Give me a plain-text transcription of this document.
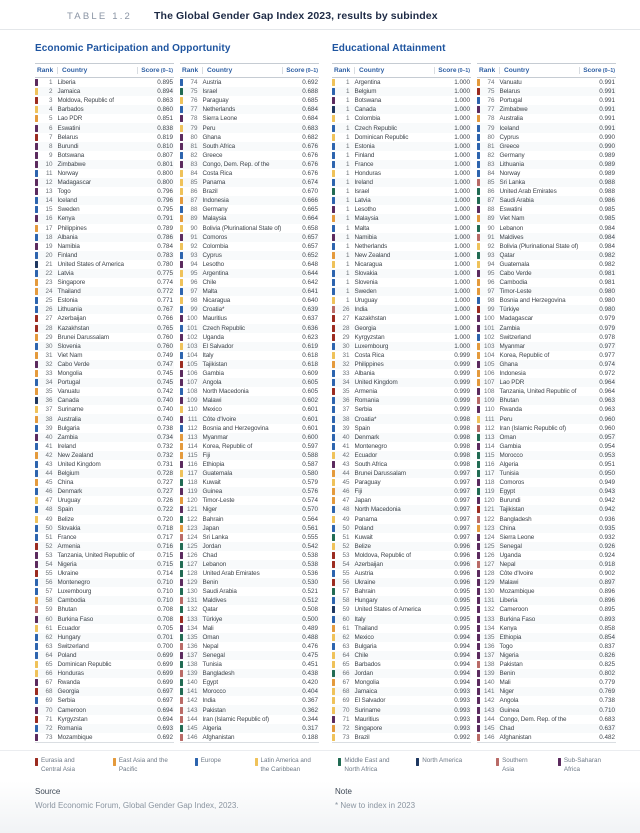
TABLE 1.2 The Global Gender Gap Index 2023, results by subindex
Economic Participation and Opportunity
Rank	Country	Score (0–1)
1 Liberia	0.895
2 Jamaica	0.894
3 Moldova, Republic of	0.863
4 Barbados	0.860
5 Lao PDR	0.851
6 Eswatini	0.838
7 Belarus	0.819
8 Burundi	0.810
9 Botswana	0.807
10 Zimbabwe	0.801
11 Norway	0.800
12 Madagascar	0.800
13 Togo	0.796
14 Iceland	0.796
15 Sweden	0.795
16 Kenya	0.791
17 Philippines	0.789
18 Albania	0.786
19 Namibia	0.784
20 Finland	0.783
21 United States of America	0.780
22 Latvia	0.775
23 Singapore	0.774
24 Thailand	0.772
25 Estonia	0.771
26 Lithuania	0.767
27 Azerbaijan	0.766
28 Kazakhstan	0.765
29 Brunei Darussalam	0.760
30 Slovenia	0.760
31 Viet Nam	0.749
32 Cabo Verde	0.747
33 Mongolia	0.745
34 Portugal	0.745
35 Vanuatu	0.742
36 Canada	0.740
37 Suriname	0.740
38 Australia	0.740
39 Bulgaria	0.738
40 Zambia	0.734
41 Ireland	0.732
42 New Zealand	0.732
43 United Kingdom	0.731
44 Belgium	0.728
45 China	0.727
46 Denmark	0.727
47 Uruguay	0.726
48 Spain	0.722
49 Belize	0.720
50 Slovakia	0.718
51 France	0.717
52 Armenia	0.716
53 Tanzania, United Republic of	0.715
54 Nigeria	0.715
55 Ukraine	0.714
56 Montenegro	0.710
57 Luxembourg	0.710
58 Cambodia	0.710
59 Bhutan	0.708
60 Burkina Faso	0.708
61 Ecuador	0.705
62 Hungary	0.701
63 Switzerland	0.700
64 Poland	0.699
65 Dominican Republic	0.699
66 Honduras	0.699
67 Rwanda	0.699
68 Georgia	0.697
69 Serbia	0.697
70 Cameroon	0.694
71 Kyrgyzstan	0.694
72 Romania	0.693
73 Mozambique	0.692
Rank	Country	Score (0–1)
74 Austria	0.692
75 Israel	0.688
76 Paraguay	0.685
77 Netherlands	0.684
78 Sierra Leone	0.684
79 Peru	0.683
80 Ghana	0.682
81 South Africa	0.676
82 Greece	0.676
83 Congo, Dem. Rep. of the	0.676
84 Costa Rica	0.676
85 Panama	0.674
86 Brazil	0.670
87 Indonesia	0.666
88 Germany	0.665
89 Malaysia	0.664
90 Bolivia (Plurinational State of)	0.658
91 Comoros	0.657
92 Colombia	0.657
93 Cyprus	0.652
94 Lesotho	0.648
95 Argentina	0.644
96 Chile	0.642
97 Malta	0.641
98 Nicaragua	0.640
99 Croatia*	0.639
100 Mauritius	0.637
101 Czech Republic	0.636
102 Uganda	0.623
103 El Salvador	0.619
104 Italy	0.618
105 Tajikistan	0.618
106 Gambia	0.609
107 Angola	0.605
108 North Macedonia	0.605
109 Malawi	0.602
110 Mexico	0.601
111 Côte d'Ivoire	0.601
112 Bosnia and Herzegovina	0.601
113 Myanmar	0.600
114 Korea, Republic of	0.597
115 Fiji	0.588
116 Ethiopia	0.587
117 Guatemala	0.580
118 Kuwait	0.579
119 Guinea	0.576
120 Timor-Leste	0.574
121 Niger	0.570
122 Bahrain	0.564
123 Japan	0.561
124 Sri Lanka	0.555
125 Jordan	0.542
126 Chad	0.538
127 Lebanon	0.538
128 United Arab Emirates	0.536
129 Benin	0.530
130 Saudi Arabia	0.521
131 Maldives	0.512
132 Qatar	0.508
133 Türkiye	0.500
134 Mali	0.489
135 Oman	0.488
136 Nepal	0.476
137 Senegal	0.475
138 Tunisia	0.451
139 Bangladesh	0.438
140 Egypt	0.420
141 Morocco	0.404
142 India	0.367
143 Pakistan	0.362
144 Iran (Islamic Republic of)	0.344
145 Algeria	0.317
146 Afghanistan	0.188
Educational Attainment
Rank	Country	Score (0–1)
1 Argentina	1.000
1 Belgium	1.000
1 Botswana	1.000
1 Canada	1.000
1 Colombia	1.000
1 Czech Republic	1.000
1 Dominican Republic	1.000
1 Estonia	1.000
1 Finland	1.000
1 France	1.000
1 Honduras	1.000
1 Ireland	1.000
1 Israel	1.000
1 Latvia	1.000
1 Lesotho	1.000
1 Malaysia	1.000
1 Malta	1.000
1 Namibia	1.000
1 Netherlands	1.000
1 New Zealand	1.000
1 Nicaragua	1.000
1 Slovakia	1.000
1 Slovenia	1.000
1 Sweden	1.000
1 Uruguay	1.000
26 India	1.000
27 Kazakhstan	1.000
28 Georgia	1.000
29 Kyrgyzstan	1.000
30 Luxembourg	1.000
31 Costa Rica	0.999
32 Philippines	0.999
33 Albania	0.999
34 United Kingdom	0.999
35 Armenia	0.999
36 Romania	0.999
37 Serbia	0.999
38 Croatia*	0.998
39 Spain	0.998
40 Denmark	0.998
41 Montenegro	0.998
42 Ecuador	0.998
43 South Africa	0.998
44 Brunei Darussalam	0.997
45 Paraguay	0.997
46 Fiji	0.997
47 Japan	0.997
48 North Macedonia	0.997
49 Panama	0.997
50 Poland	0.997
51 Kuwait	0.997
52 Belize	0.996
53 Moldova, Republic of	0.996
54 Azerbaijan	0.996
55 Austria	0.996
56 Ukraine	0.996
57 Bahrain	0.995
58 Hungary	0.995
59 United States of America	0.995
60 Italy	0.995
61 Thailand	0.995
62 Mexico	0.994
63 Bulgaria	0.994
64 Chile	0.994
65 Barbados	0.994
66 Jordan	0.994
67 Mongolia	0.994
68 Jamaica	0.993
69 El Salvador	0.993
70 Suriname	0.993
71 Mauritius	0.993
72 Singapore	0.993
73 Brazil	0.992
Rank	Country	Score (0–1)
74 Vanuatu	0.991
75 Belarus	0.991
76 Portugal	0.991
77 Zimbabwe	0.991
78 Australia	0.991
79 Iceland	0.991
80 Cyprus	0.990
81 Greece	0.990
82 Germany	0.989
83 Lithuania	0.989
84 Norway	0.989
85 Sri Lanka	0.988
86 United Arab Emirates	0.988
87 Saudi Arabia	0.986
88 Eswatini	0.985
89 Viet Nam	0.985
90 Lebanon	0.984
91 Maldives	0.984
92 Bolivia (Plurinational State of)	0.984
93 Qatar	0.982
94 Guatemala	0.982
95 Cabo Verde	0.981
96 Cambodia	0.981
97 Timor-Leste	0.980
98 Bosnia and Herzegovina	0.980
99 Türkiye	0.980
100 Madagascar	0.979
101 Zambia	0.979
102 Switzerland	0.978
103 Myanmar	0.977
104 Korea, Republic of	0.977
105 Ghana	0.974
106 Indonesia	0.972
107 Lao PDR	0.964
108 Tanzania, United Republic of	0.964
109 Bhutan	0.963
110 Rwanda	0.963
111 Peru	0.960
112 Iran (Islamic Republic of)	0.960
113 Oman	0.957
114 Gambia	0.954
115 Morocco	0.953
116 Algeria	0.951
117 Tunisia	0.950
118 Comoros	0.949
119 Egypt	0.943
120 Burundi	0.942
121 Tajikistan	0.942
122 Bangladesh	0.936
123 China	0.935
124 Sierra Leone	0.932
125 Senegal	0.926
126 Uganda	0.924
127 Nepal	0.918
128 Côte d'Ivoire	0.902
129 Malawi	0.897
130 Mozambique	0.896
131 Liberia	0.896
132 Cameroon	0.895
133 Burkina Faso	0.893
134 Kenya	0.858
135 Ethiopia	0.854
136 Togo	0.837
137 Nigeria	0.826
138 Pakistan	0.825
139 Benin	0.802
140 Mali	0.779
141 Niger	0.769
142 Angola	0.738
143 Guinea	0.710
144 Congo, Dem. Rep. of the	0.683
145 Chad	0.637
146 Afghanistan	0.482
Eurasia and Central Asia
East Asia and the Pacific
Europe	Latin America and the Caribbean
Middle East and North Africa
North America	Southern Asia
Sub-Saharan Africa
Source
World Economic Forum, Global Gender Gap Index, 2023.
Note
* New to index in 2023
